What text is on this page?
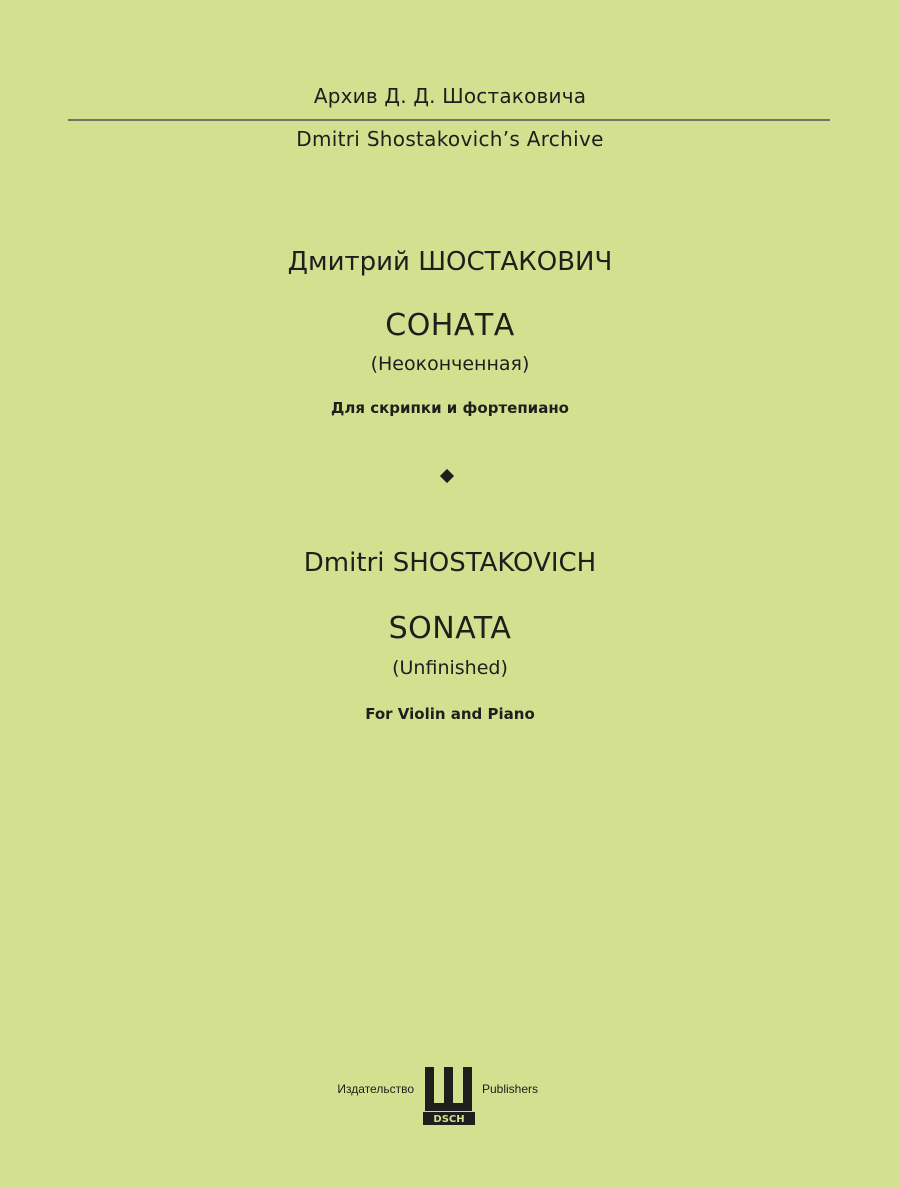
Архив Д. Д. Шостаковича
Dmitri Shostakovich’s Archive
Дмитрий ШОСТАКОВИЧ
СОНАТА
(Неоконченная)
Для скрипки и фортепиано
Dmitri SHOSTAKOVICH
SONATA
(Unfinished)
For Violin and Piano
Издательство
DSCH
Publishers
